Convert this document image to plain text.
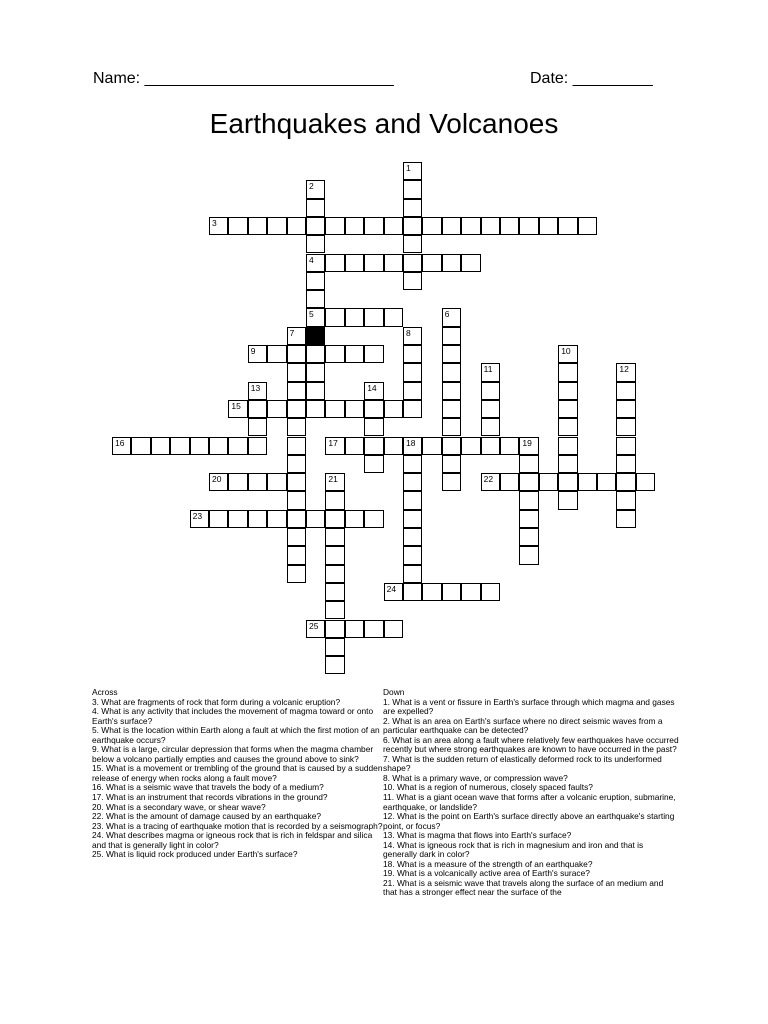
Name: ____________________________	Date: _________
Earthquakes and Volcanoes
1
2
3
4
5	6
7	8
9	10
11	12
13	14
15
16	17	18	19
20	21	22
23
24
25
Across
3. What are fragments of rock that form during a volcanic eruption?
4. What is any activity that includes the movement of magma toward or onto Earth's surface?
5. What is the location within Earth along a fault at which the first motion of an earthquake occurs?
9. What is a large, circular depression that forms when the magma chamber below a volcano partially empties and causes the ground above to sink?
15. What is a movement or trembling of the ground that is caused by a sudden release of energy when rocks along a fault move?
16. What is a seismic wave that travels the body of a medium?
17. What is an instrument that records vibrations in the ground?
20. What is a secondary wave, or shear wave?
22. What is the amount of damage caused by an earthquake?
23. What is a tracing of earthquake motion that is recorded by a seismograph?
24. What describes magma or igneous rock that is rich in feldspar and silica and that is generally light in color?
25. What is liquid rock produced under Earth's surface?
Down
1. What is a vent or fissure in Earth's surface through which magma and gases are expelled?
2. What is an area on Earth's surface where no direct seismic waves from a particular earthquake can be detected?
6. What is an area along a fault where relatively few earthquakes have occurred recently but where strong earthquakes are known to have occurred in the past?
7. What is the sudden return of elastically deformed rock to its underformed shape?
8. What is a primary wave, or compression wave?
10. What is a region of numerous, closely spaced faults?
11. What is a giant ocean wave that forms after a volcanic eruption, submarine, earthquake, or landslide?
12. What is the point on Earth's surface directly above an earthquake's starting point, or focus?
13. What is magma that flows into Earth's surface?
14. What is igneous rock that is rich in magnesium and iron and that is generally dark in color?
18. What is a measure of the strength of an earthquake?
19. What is a volcanically active area of Earth's surace?
21. What is a seismic wave that travels along the surface of an medium and that has a stronger effect near the surface of the
